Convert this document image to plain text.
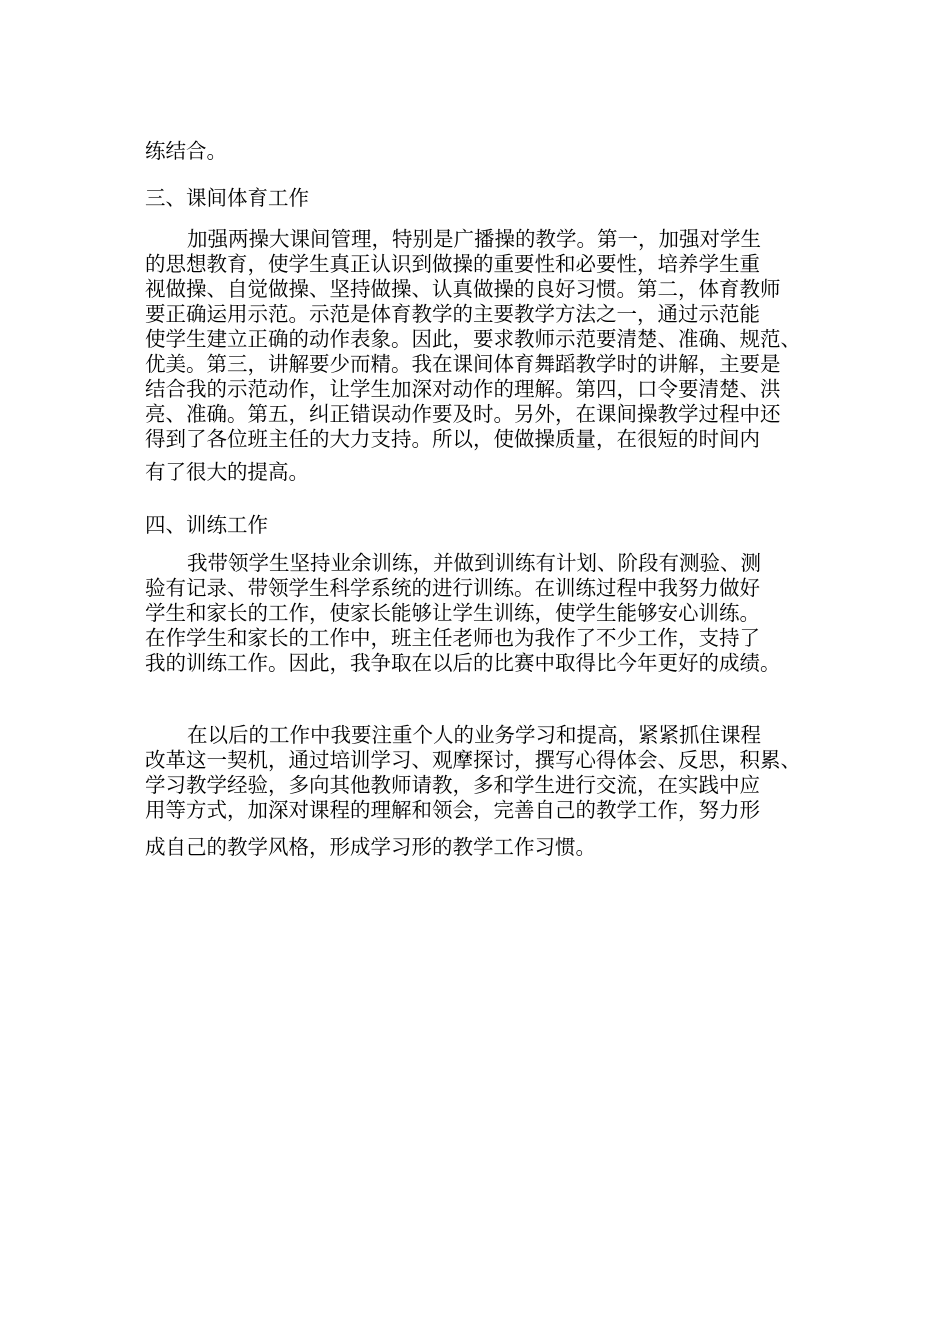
练结合。
三、课间体育工作
加强两操大课间管理，特别是广播操的教学。第一，加强对学生
的思想教育，使学生真正认识到做操的重要性和必要性，培养学生重
视做操、自觉做操、坚持做操、认真做操的良好习惯。第二，体育教师
要正确运用示范。示范是体育教学的主要教学方法之一，通过示范能
使学生建立正确的动作表象。因此，要求教师示范要清楚、准确、规范、
优美。第三，讲解要少而精。我在课间体育舞蹈教学时的讲解，主要是
结合我的示范动作，让学生加深对动作的理解。第四，口令要清楚、洪
亮、准确。第五，纠正错误动作要及时。另外，在课间操教学过程中还
得到了各位班主任的大力支持。所以，使做操质量，在很短的时间内
有了很大的提高。
四、训练工作
我带领学生坚持业余训练，并做到训练有计划、阶段有测验、测
验有记录、带领学生科学系统的进行训练。在训练过程中我努力做好
学生和家长的工作，使家长能够让学生训练，使学生能够安心训练。
在作学生和家长的工作中，班主任老师也为我作了不少工作，支持了
我的训练工作。因此，我争取在以后的比赛中取得比今年更好的成绩。
在以后的工作中我要注重个人的业务学习和提高，紧紧抓住课程
改革这一契机，通过培训学习、观摩探讨，撰写心得体会、反思，积累、
学习教学经验，多向其他教师请教，多和学生进行交流，在实践中应
用等方式，加深对课程的理解和领会，完善自己的教学工作，努力形
成自己的教学风格，形成学习形的教学工作习惯。
